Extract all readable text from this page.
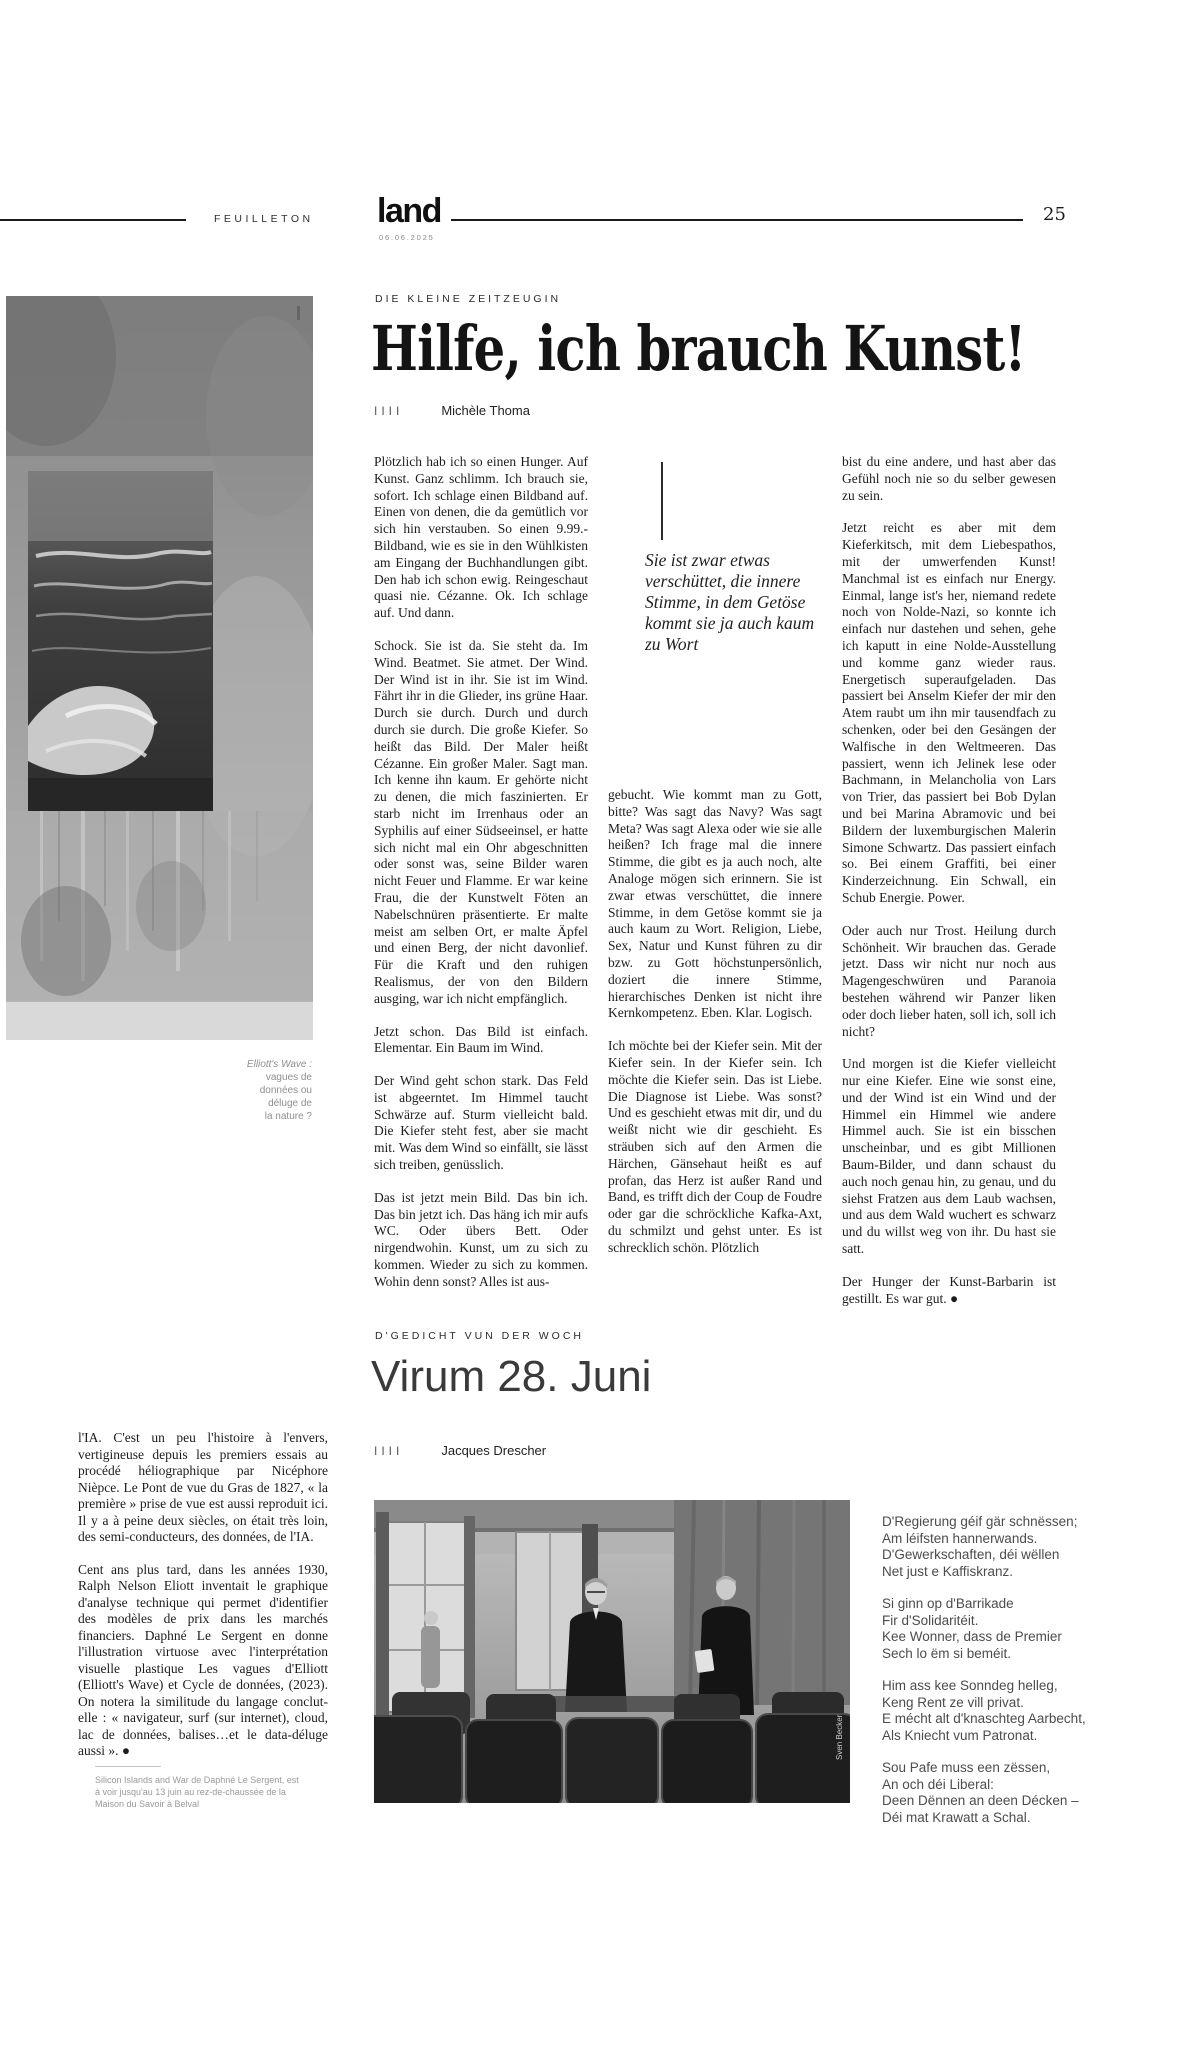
FEUILLETON land
06.06.2025
25
Elliott's Wave :
vagues de
données ou
déluge de
la nature ?
DIE KLEINE ZEITZEUGIN
Hilfe, ich brauch Kunst!
IIII	Michèle Thoma

Plötzlich hab ich so einen Hunger. Auf Kunst. Ganz schlimm. Ich brauch sie, sofort. Ich schlage einen Bildband auf. Einen von denen, die da gemütlich vor sich hin verstauben. So einen 9.99.-Bildband, wie es sie in den Wühlkisten am Eingang der Buchhandlungen gibt. Den hab ich schon ewig. Reingeschaut quasi nie. Cézanne. Ok. Ich schlage auf. Und dann.

Schock. Sie ist da. Sie steht da. Im Wind. Beatmet. Sie atmet. Der Wind. Der Wind ist in ihr. Sie ist im Wind. Fährt ihr in die Glieder, ins grüne Haar. Durch sie durch. Durch und durch durch sie durch. Die große Kiefer. So heißt das Bild. Der Maler heißt Cézanne. Ein großer Maler. Sagt man. Ich kenne ihn kaum. Er gehörte nicht zu denen, die mich faszinierten. Er starb nicht im Irrenhaus oder an Syphilis auf einer Südseeinsel, er hatte sich nicht mal ein Ohr abgeschnitten oder sonst was, seine Bilder waren nicht Feuer und Flamme. Er war keine Frau, die der Kunstwelt Föten an Nabelschnüren präsentierte. Er malte meist am selben Ort, er malte Äpfel und einen Berg, der nicht davonlief. Für die Kraft und den ruhigen Realismus, der von den Bildern ausging, war ich nicht empfänglich.

Jetzt schon. Das Bild ist einfach. Elementar. Ein Baum im Wind.

Der Wind geht schon stark. Das Feld ist abgeerntet. Im Himmel taucht Schwärze auf. Sturm vielleicht bald. Die Kiefer steht fest, aber sie macht mit. Was dem Wind so einfällt, sie lässt sich treiben, genüsslich.

Das ist jetzt mein Bild. Das bin ich. Das bin jetzt ich. Das häng ich mir aufs WC. Oder übers Bett. Oder nirgendwohin. Kunst, um zu sich zu kommen. Wieder zu sich zu kommen. Wohin denn sonst? Alles ist aus-

Sie ist zwar etwas verschüttet, die innere Stimme, in dem Getöse kommt sie ja auch kaum zu Wort

gebucht. Wie kommt man zu Gott, bitte? Was sagt das Navy? Was sagt Meta? Was sagt Alexa oder wie sie alle heißen? Ich frage mal die innere Stimme, die gibt es ja auch noch, alte Analoge mögen sich erinnern. Sie ist zwar etwas verschüttet, die innere Stimme, in dem Getöse kommt sie ja auch kaum zu Wort. Religion, Liebe, Sex, Natur und Kunst führen zu dir bzw. zu Gott höchstunpersönlich, doziert die innere Stimme, hierarchisches Denken ist nicht ihre Kernkompetenz. Eben. Klar. Logisch.

Ich möchte bei der Kiefer sein. Mit der Kiefer sein. In der Kiefer sein. Ich möchte die Kiefer sein. Das ist Liebe. Die Diagnose ist Liebe. Was sonst? Und es geschieht etwas mit dir, und du weißt nicht wie dir geschieht. Es sträuben sich auf den Armen die Härchen, Gänsehaut heißt es auf profan, das Herz ist außer Rand und Band, es trifft dich der Coup de Foudre oder gar die schröckliche Kafka-Axt, du schmilzt und gehst unter. Es ist schrecklich schön. Plötzlich

bist du eine andere, und hast aber das Gefühl noch nie so du selber gewesen zu sein.

Jetzt reicht es aber mit dem Kieferkitsch, mit dem Liebespathos, mit der umwerfenden Kunst! Manchmal ist es einfach nur Energy. Einmal, lange ist's her, niemand redete noch von Nolde-Nazi, so konnte ich einfach nur dastehen und sehen, gehe ich kaputt in eine Nolde-Ausstellung und komme ganz wieder raus. Energetisch superaufgeladen. Das passiert bei Anselm Kiefer der mir den Atem raubt um ihn mir tausendfach zu schenken, oder bei den Gesängen der Walfische in den Weltmeeren. Das passiert, wenn ich Jelinek lese oder Bachmann, in Melancholia von Lars von Trier, das passiert bei Bob Dylan und bei Marina Abramovic und bei Bildern der luxemburgischen Malerin Simone Schwartz. Das passiert einfach so. Bei einem Graffiti, bei einer Kinderzeichnung. Ein Schwall, ein Schub Energie. Power.

Oder auch nur Trost. Heilung durch Schönheit. Wir brauchen das. Gerade jetzt. Dass wir nicht nur noch aus Magengeschwüren und Paranoia bestehen während wir Panzer liken oder doch lieber haten, soll ich, soll ich nicht?

Und morgen ist die Kiefer vielleicht nur eine Kiefer. Eine wie sonst eine, und der Wind ist ein Wind und der Himmel ein Himmel wie andere Himmel auch. Sie ist ein bisschen unscheinbar, und es gibt Millionen Baum-Bilder, und dann schaust du auch noch genau hin, zu genau, und du siehst Fratzen aus dem Laub wachsen, und aus dem Wald wuchert es schwarz und du willst weg von ihr. Du hast sie satt.

Der Hunger der Kunst-Barbarin ist gestillt. Es war gut. ●

l'IA. C'est un peu l'histoire à l'envers, vertigineuse depuis les premiers essais au procédé héliographique par Nicéphore Nièpce. Le Pont de vue du Gras de 1827, « la première » prise de vue est aussi reproduit ici. Il y a à peine deux siècles, on était très loin, des semi-conducteurs, des données, de l'IA.

Cent ans plus tard, dans les années 1930, Ralph Nelson Eliott inventait le graphique d'analyse technique qui permet d'identifier des modèles de prix dans les marchés financiers. Daphné Le Sergent en donne l'illustration virtuose avec l'interprétation visuelle plastique Les vagues d'Elliott (Elliott's Wave) et Cycle de données, (2023). On notera la similitude du langage conclut-elle : « navigateur, surf (sur internet), cloud, lac de données, balises…et le data-déluge aussi ». ●

Silicon Islands and War de Daphné Le Sergent, est à voir jusqu'au 13 juin au rez-de-chaussée de la Maison du Savoir à Belval
D'GEDICHT VUN DER WOCH
Virum 28. Juni
IIII	Jacques Drescher
Sven Becker
D'Regierung géif gär schnëssen;
Am léifsten hannerwands.
D'Gewerkschaften, déi wëllen
Net just e Kaffiskranz.
Si ginn op d'Barrikade
Fir d'Solidaritéit.
Kee Wonner, dass de Premier
Sech lo ëm si beméit.
Him ass kee Sonndeg helleg,
Keng Rent ze vill privat.
E mécht alt d'knaschteg Aarbecht,
Als Kniecht vum Patronat.
Sou Pafe muss een zëssen,
An och déi Liberal:
Deen Dënnen an deen Décken –
Déi mat Krawatt a Schal.
